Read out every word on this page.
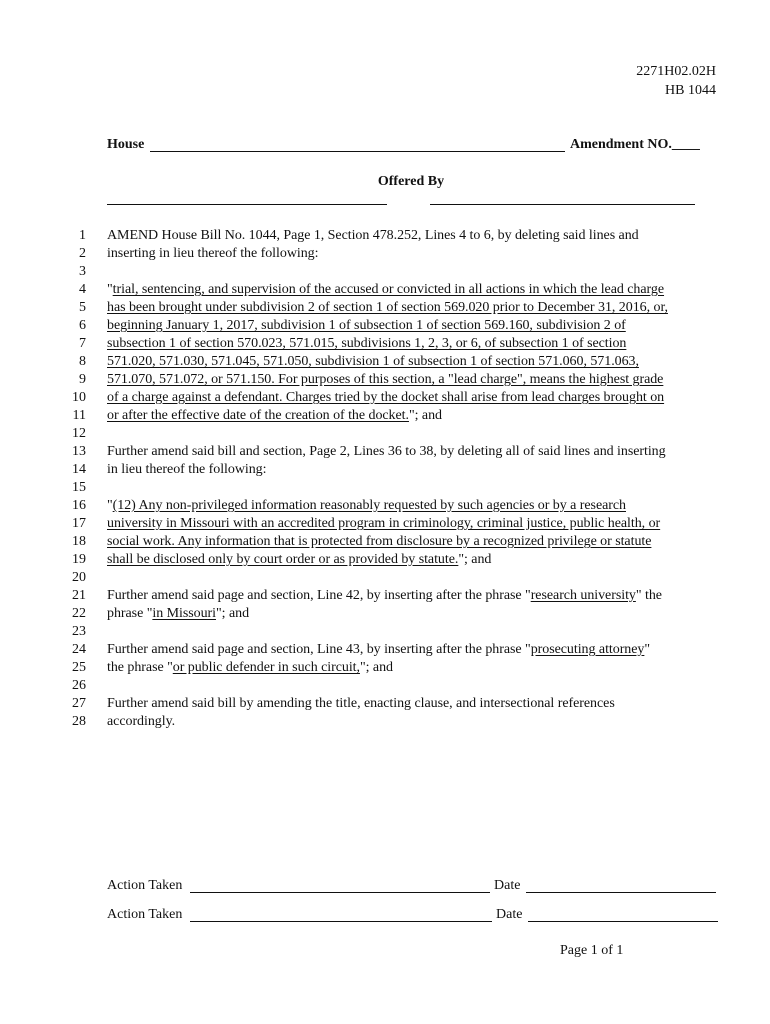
2271H02.02H
HB 1044
House	Amendment NO.____
Offered By
1 AMEND House Bill No. 1044, Page 1, Section 478.252, Lines 4 to 6, by deleting said lines and
2 inserting in lieu thereof the following:
3
4 "trial, sentencing, and supervision of the accused or convicted in all actions in which the lead charge
5 has been brought under subdivision 2 of section 1 of section 569.020 prior to December 31, 2016, or,
6 beginning January 1, 2017, subdivision 1 of subsection 1 of section 569.160, subdivision 2 of
7 subsection 1 of section 570.023, 571.015, subdivisions 1, 2, 3, or 6, of subsection 1 of section
8 571.020, 571.030, 571.045, 571.050, subdivision 1 of subsection 1 of section 571.060, 571.063,
9 571.070, 571.072, or 571.150. For purposes of this section, a "lead charge", means the highest grade
10 of a charge against a defendant. Charges tried by the docket shall arise from lead charges brought on
11 or after the effective date of the creation of the docket."; and
12
13 Further amend said bill and section, Page 2, Lines 36 to 38, by deleting all of said lines and inserting
14 in lieu thereof the following:
15
16 "(12) Any non-privileged information reasonably requested by such agencies or by a research
17 university in Missouri with an accredited program in criminology, criminal justice, public health, or
18 social work. Any information that is protected from disclosure by a recognized privilege or statute
19 shall be disclosed only by court order or as provided by statute."; and
20
21 Further amend said page and section, Line 42, by inserting after the phrase "research university" the
22 phrase "in Missouri"; and
23
24 Further amend said page and section, Line 43, by inserting after the phrase "prosecuting attorney"
25 the phrase "or public defender in such circuit,"; and
26
27 Further amend said bill by amending the title, enacting clause, and intersectional references
28 accordingly.
Action Taken	Date
Action Taken	Date
Page 1 of 1
